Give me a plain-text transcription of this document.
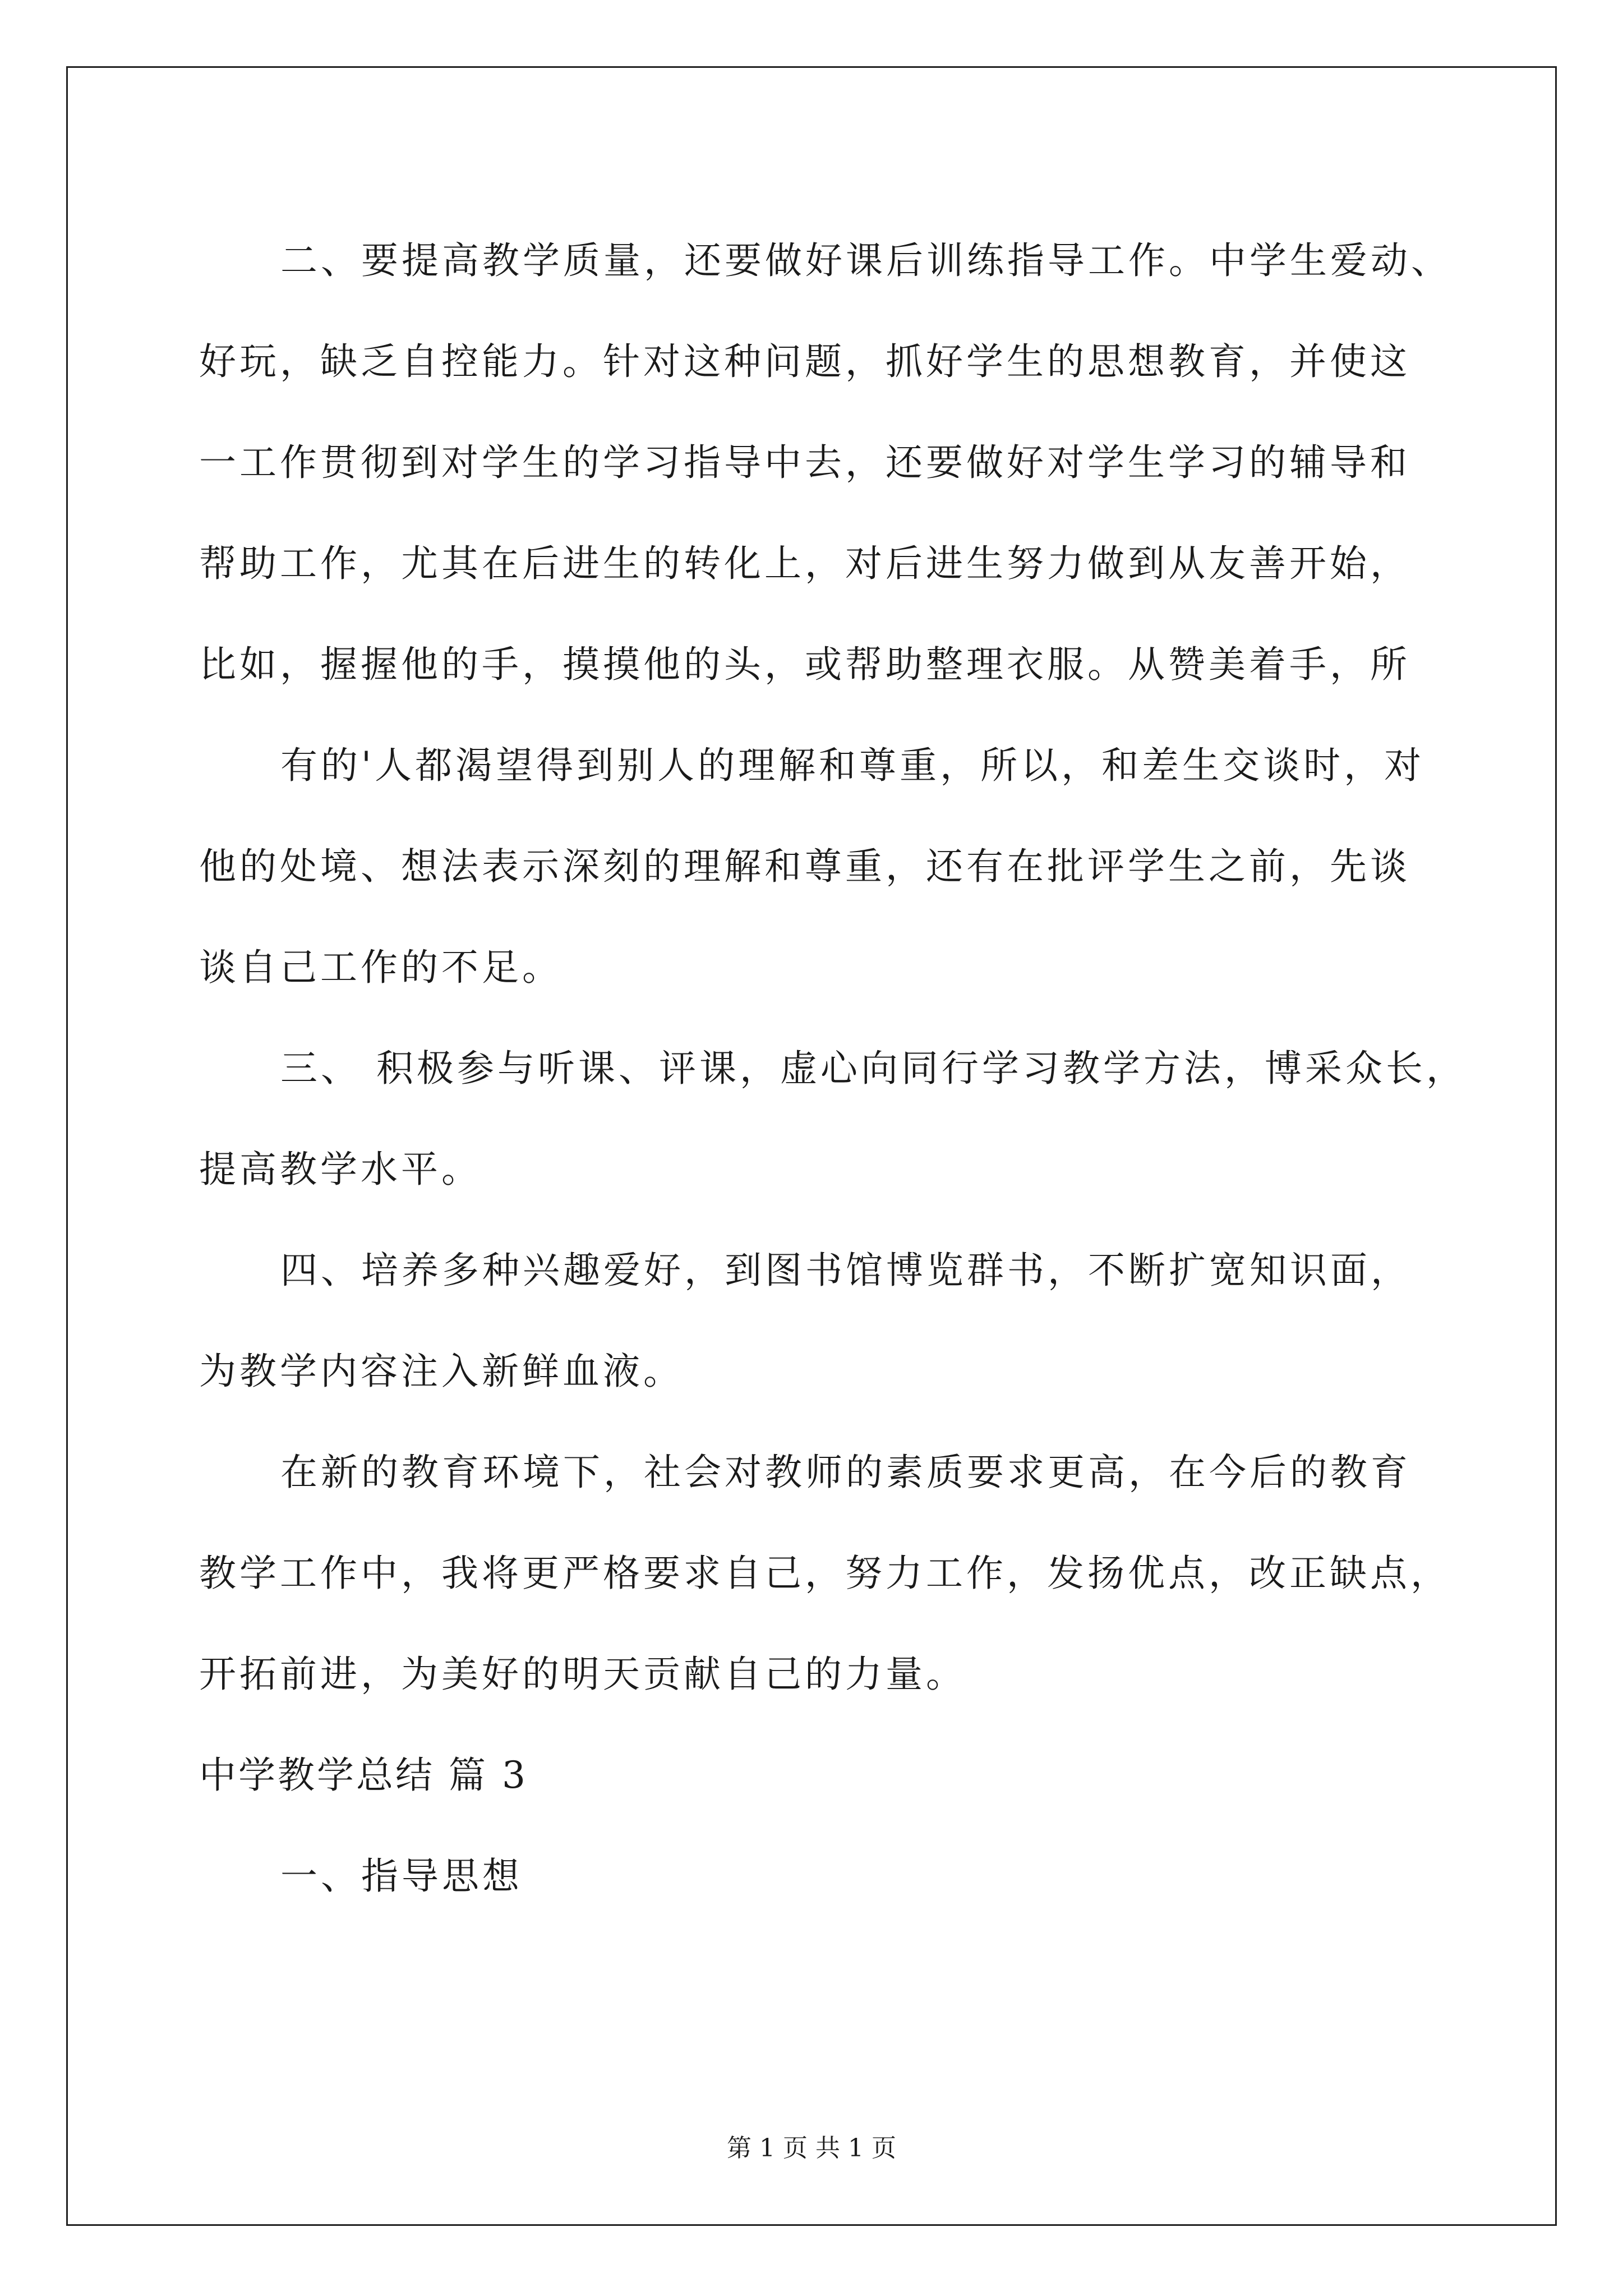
二、要提高教学质量，还要做好课后训练指导工作。中学生爱动、
好玩，缺乏自控能力。针对这种问题，抓好学生的思想教育，并使这
一工作贯彻到对学生的学习指导中去，还要做好对学生学习的辅导和
帮助工作，尤其在后进生的转化上，对后进生努力做到从友善开始，
比如，握握他的手，摸摸他的头，或帮助整理衣服。从赞美着手，所
有的'人都渴望得到别人的理解和尊重，所以，和差生交谈时，对
他的处境、想法表示深刻的理解和尊重，还有在批评学生之前，先谈
谈自己工作的不足。
三、 积极参与听课、评课，虚心向同行学习教学方法，博采众长，
提高教学水平。
四、培养多种兴趣爱好，到图书馆博览群书，不断扩宽知识面，
为教学内容注入新鲜血液。
在新的教育环境下，社会对教师的素质要求更高，在今后的教育
教学工作中，我将更严格要求自己，努力工作，发扬优点，改正缺点，
开拓前进，为美好的明天贡献自己的力量。
中学教学总结 篇 3
一、指导思想
第 1 页 共 1 页
